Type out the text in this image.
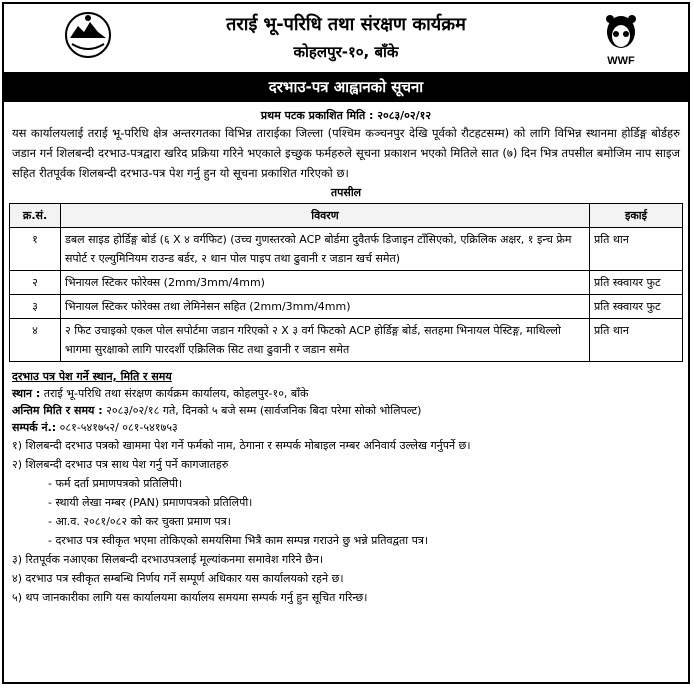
तराई भू-परिधि तथा संरक्षण कार्यक्रम
कोहलपुर-१०, बाँके	WWF
दरभाउ-पत्र आह्वानको सूचना
प्रथम पटक प्रकाशित मिति : २०८३/०२/१२
यस कार्यालयलाई तराई भू-परिधि क्षेत्र अन्तरगतका विभिन्न ताराईका जिल्ला (पश्चिम कञ्चनपुर देखि पूर्वको रौटहटसम्म) को लागि विभिन्न स्थानमा होर्डिङ्ग बोर्डहरु जडान गर्न शिलबन्दी दरभाउ-पत्रद्वारा खरिद प्रक्रिया गरिने भएकाले इच्छुक फर्महरुले सूचना प्रकाशन भएको मितिले सात (७) दिन भित्र तपसील बमोजिम नाप साइज सहित रीतपूर्वक शिलबन्दी दरभाउ-पत्र पेश गर्नु हुन यो सूचना प्रकाशित गरिएको छ।
तपसील
क्र.सं.	विवरण	इकाई
१	डबल साइड होर्डिङ्ग बोर्ड (६ X ४ वर्गफिट) (उच्च गुणस्तरको ACP बोर्डमा दुवैतर्फ डिजाइन टाँसिएको, एक्रिलिक अक्षर, १ इन्च फ्रेम सपोर्ट र एल्युमिनियम राउन्ड बर्डर, २ थान पोल पाइप तथा ढुवानी र जडान खर्च समेत)	प्रति थान
२	भिनायल स्टिकर फोरेक्स (2mm/3mm/4mm)	प्रति स्क्वायर फुट
३	भिनायल स्टिकर फोरेक्स तथा लेमिनेसन सहित (2mm/3mm/4mm)	प्रति स्क्वायर फुट
४	२ फिट उचाइको एकल पोल सपोर्टमा जडान गरिएको २ X ३ वर्ग फिटको ACP होर्डिङ्ग बोर्ड, सतहमा भिनायल पेस्टिङ्ग, माथिल्लो भागमा सुरक्षाको लागि पारदर्शी एक्रिलिक सिट तथा ढुवानी र जडान समेत	प्रति थान
दरभाउ पत्र पेश गर्ने स्थान, मिति र समय
स्थान : तराई भू-परिधि तथा संरक्षण कार्यक्रम कार्यालय, कोहलपुर-१०, बाँके
अन्तिम मिति र समय : २०८३/०२/१८ गते, दिनको ५ बजे सम्म (सार्वजनिक बिदा परेमा सोको भोलिपल्ट)
सम्पर्क नं.: ०८१-५४१७५२/ ०८१-५४१७५३
१) शिलबन्दी दरभाउ पत्रको खाममा पेश गर्ने फर्मको नाम, ठेगाना र सम्पर्क मोबाइल नम्बर अनिवार्य उल्लेख गर्नुपर्ने छ।
२) शिलबन्दी दरभाउ पत्र साथ पेश गर्नु पर्ने कागजातहरु
- फर्म दर्ता प्रमाणपत्रको प्रतिलिपी।
- स्थायी लेखा नम्बर (PAN) प्रमाणपत्रको प्रतिलिपी।
- आ.व. २०८१/०८२ को कर चुक्ता प्रमाण पत्र।
- दरभाउ पत्र स्वीकृत भएमा तोकिएको समयसिमा भित्रै काम सम्पन्न गराउने छु भन्ने प्रतिवद्वता पत्र।
३) रितपूर्वक नआएका सिलबन्दी दरभाउपत्रलाई मूल्यांकनमा समावेश गरिने छैन।
४) दरभाउ पत्र स्वीकृत सम्बन्धि निर्णय गर्ने सम्पूर्ण अधिकार यस कार्यालयको रहने छ।
५) थप जानकारीका लागि यस कार्यालयमा कार्यालय समयमा सम्पर्क गर्नु हुन सूचित गरिन्छ।
